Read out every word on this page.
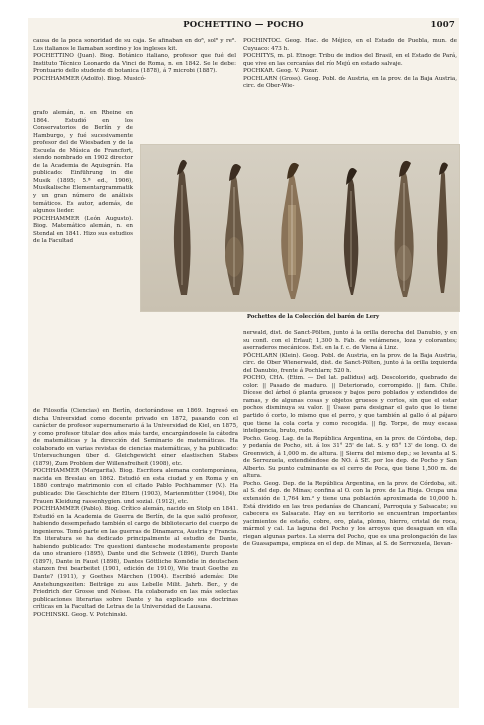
POCHETTINO — POCHO	1007

causa de la poca sonoridad de su caja. Se afinaban en do⁸, sol⁸ y re⁸. Los italianos le llamaban sordino y los ingleses kit.

POCHETTINO (Juan). Biog. Botánico italiano, profesor que fué del Instituto Técnico Leonardo da Vinci de Roma, n. en 1842. Se le debe: Prontuario dello studente di botanica (1878), á 7 microbi (1887).

POCHHAMMER (Adolfo). Biog. Musicó-

grafo alemán, n. en Rheine en 1864. Estudió en los Conservatorios de Berlín y de Hamburgo, y fué sucesivamente profesor del de Wiesbaden y de la Escuela de Música de Francfort, siendo nombrado en 1902 director de la Academia de Aquisgrán. Ha publicado: Einführung in die Musik (1895; 5.ª ed., 1906), Musikalische Elementargrammatik y un gran número de análisis temáticos. Es autor, además, de algunos lieder.

POCHHAMMER (León Augusto). Biog. Matemático alemán, n. en Stendal en 1841. Hizo sus estudios de la Facultad

POCHINTOC. Geog. Hac. de Méjico, en el Estado de Puebla, mun. de Cuyuaco: 473 h.

POCHITYS, m. pl. Etnogr. Tribu de indios del Brasil, en el Estado de Pará, que vive en las cercanías del río Mejú en estado salvaje.

POCHKAR. Geog. V. Pozar.

POCHLARN (Gross). Geog. Pobl. de Austria, en la prov. de la Baja Austria, circ. de Ober-Wie-

Pochettes de la Colección del barón de Lery

de Filosofía (Ciencias) en Berlín, doctorándose en 1869. Ingresó en dicha Universidad como docente privado en 1872, pasando con el carácter de profesor supernumerario á la Universidad de Kiel, en 1875, y como profesor titular dos años más tarde, encargándosele la cátedra de matemáticas y la dirección del Seminario de matemáticas. Ha colaborado en varias revistas de ciencias matemáticas, y ha publicado: Untersuchungen über d. Gleichgewicht einer elastischen Stabes (1879), Zum Problem der Willensfreiheit (1908), etc.

POCHHAMMER (Margarita). Biog. Escritora alemana contemporánea, nacida en Breslau en 1862. Estudió en esta ciudad y en Roma y en 1880 contrajo matrimonio con el citado Pablo Pochhammer (V.). Ha publicado: Die Geschichte der Eltern (1903), Marienmütter (1904), Die Frauen Kleidung rassenhygien. und sozial. (1912), etc.

POCHHAMMER (Pablo). Biog. Crítico alemán, nacido en Stolp en 1841. Estudió en la Academia de Guerra de Berlín, de la que salió profesor, habiendo desempeñado también el cargo de bibliotecario del cuerpo de ingenieros. Tomó parte en las guerras de Dinamarca, Austria y Francia. En literatura se ha dedicado principalmente al estudio de Dante, habiendo publicado: Tre questioni dantesche modestamente proposte da uno straniero (1895), Dante und die Schweiz (1896), Durch Dante (1897), Dante in Faust (1898), Dantes Göttliche Komödie in deutschen stanzen frei bearbeitet (1901, edición de 1910), Wie traut Goethe zu Dante? (1911), y Goethes Märchen (1904). Escribió además: Die Anstehungszeiten: Beiträge zu aus Lebelle Milit. Jahrb. Ber., y de Friedrich der Grosse und Neisse. Ha colaborado en las más selectas publicaciones literarias sobre Dante y ha explicado sus doctrinas críticas en la Facultad de Letras de la Universidad de Lausana.

POCHINSKI. Geog. V. Potchinski.

nerwald, dist. de Sanct-Pölten, junto á la orilla derecha del Danubio, y en su confl. con el Erlauf; 1,300 h. Fab. de velámenes, loza y colorantes; aserraderos mecánicos. Est. en la f. c. de Viena á Linz.

PÖCHLARN (Klein). Geog. Pobl. de Austria, en la prov. de la Baja Austria, circ. de Ober Wienerwald, dist. de Sanct-Pölten, junto á la orilla izquierda del Danubio, frente á Pochlarn; 520 h.

POCHO, CHA. (Etim. — Del lat. pallidus) adj. Descolorido, quebrado de color. || Pasado de maduro. || Deteriorado, corrompido. || fam. Chile. Dícese del árbol ó planta gruesos y bajos pero poblados y extendidos de ramas, y de algunas cosas y objetos gruesos y cortos, sin que el estar pochos disminuya su valor. || Úsase para designar el gato que lo tiene partido ó corto, lo mismo que el perro, y que también al gallo ó al pájaro que tiene la cola corta y como recogida. || fig. Torpe, de muy escasa inteligencia, bruto, rudo.

Pocho. Geog. Lag. de la República Argentina, en la prov. de Córdoba, dep. y pedanía de Pocho, sit. á los 31° 25' de lat. S. y 65° 13' de long. O. de Greenwich, á 1,000 m. de altura. || Sierra del mismo dep.; se levanta al S. de Serrezuela, extendiéndose de NO. á SE. por los dep. de Pocho y San Alberto. Su punto culminante es el cerro de Poca, que tiene 1,500 m. de altura.

Pocho. Geog. Dep. de la República Argentina, en la prov. de Córdoba, sit. al S. del dep. de Minas; confina al O. con la prov. de La Rioja. Ocupa una extensión de 1,764 km.² y tiene una población aproximada de 10,000 h. Está dividido en las tres pedanías de Chancaní, Parroquia y Salsacate; su cabecera es Salsacate. Hay en su territorio se encuentran importantes yacimientos de estaño, cobre, oro, plata, plomo, hierro, cristal de roca, mármol y cal. La laguna del Pocho y los arroyos que desaguan en ella riegan algunas partes. La sierra del Pocho, que es una prolongación de las de Guasapampa, empieza en el dep. de Minas, al S. de Serrezuela, llevan-
